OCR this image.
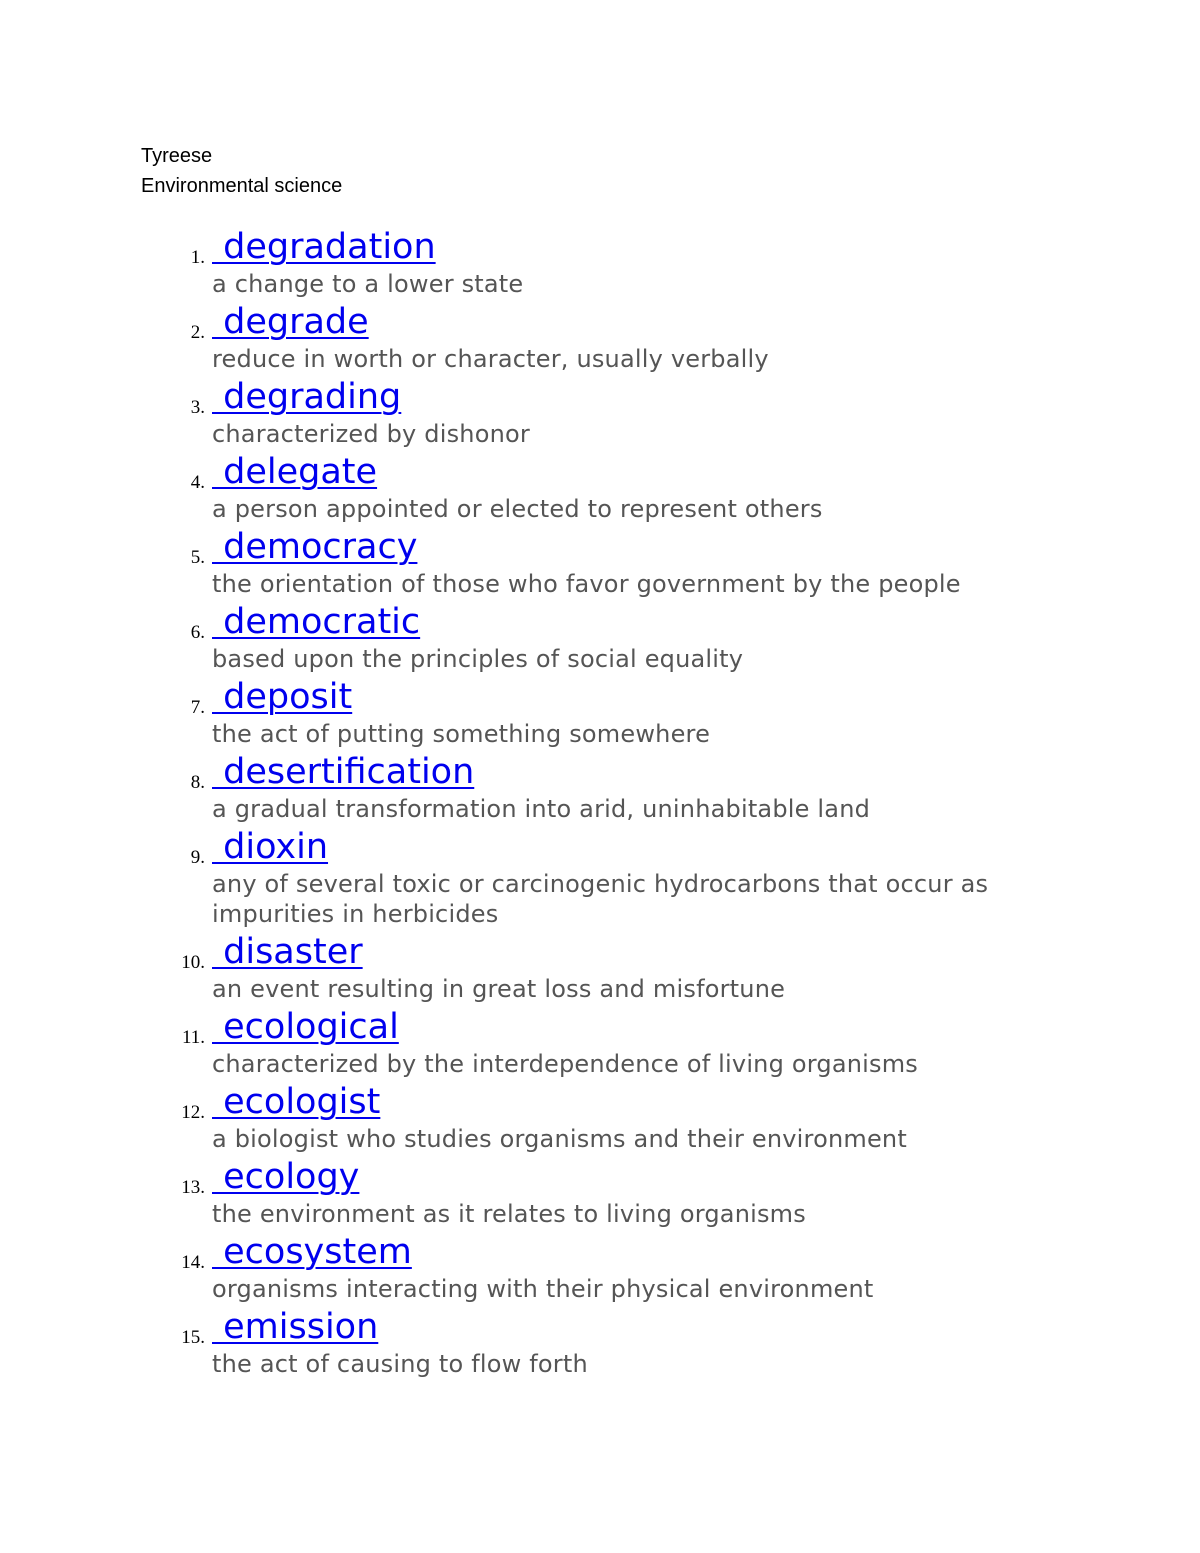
Tyreese
Environmental science
1. degradation
a change to a lower state
2. degrade
reduce in worth or character, usually verbally
3. degrading
characterized by dishonor
4. delegate
a person appointed or elected to represent others
5. democracy
the orientation of those who favor government by the people
6. democratic
based upon the principles of social equality
7. deposit
the act of putting something somewhere
8. desertification
a gradual transformation into arid, uninhabitable land
9. dioxin
any of several toxic or carcinogenic hydrocarbons that occur as impurities in herbicides
10. disaster
an event resulting in great loss and misfortune
11. ecological
characterized by the interdependence of living organisms
12. ecologist
a biologist who studies organisms and their environment
13. ecology
the environment as it relates to living organisms
14. ecosystem
organisms interacting with their physical environment
15. emission
the act of causing to flow forth
